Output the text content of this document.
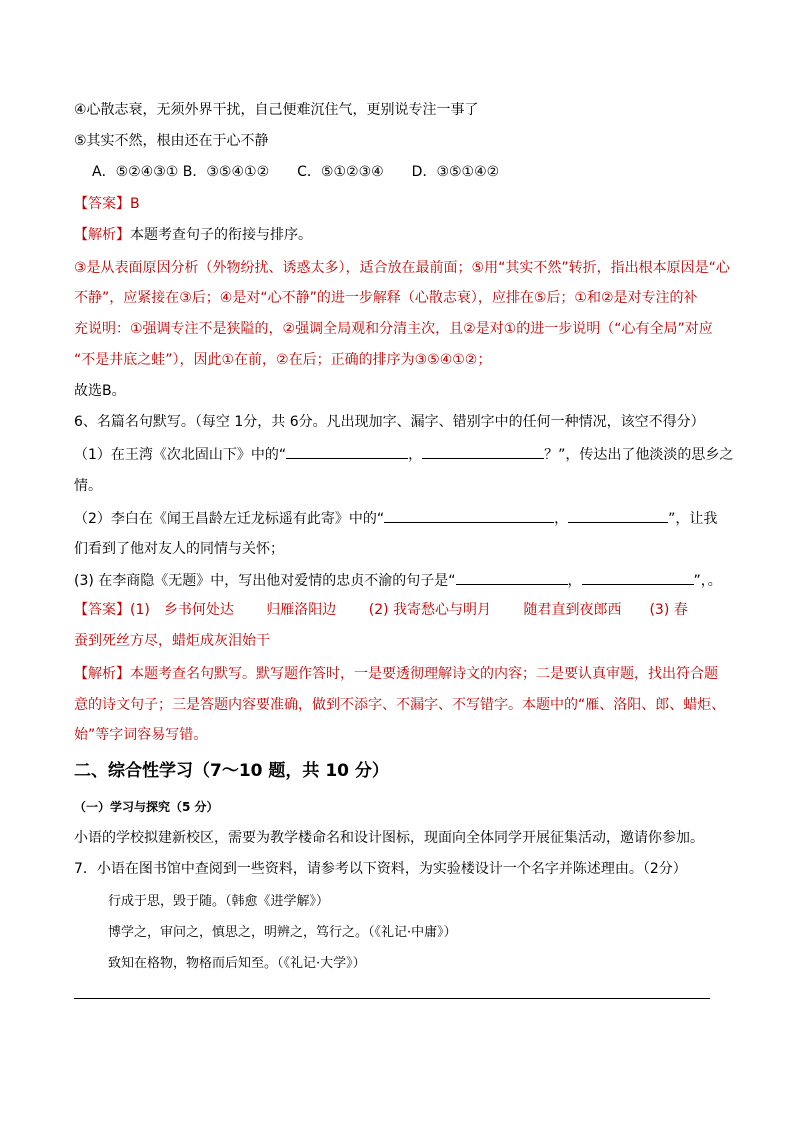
④心散志衰，无须外界干扰，自己便难沉住气，更别说专注一事了
⑤其实不然，根由还在于心不静
A．⑤②④③① B．③⑤④①②　　C．⑤①②③④　　D．③⑤①④②
【答案】B
【解析】本题考查句子的衔接与排序。
③是从表面原因分析（外物纷扰、诱惑太多），适合放在最前面；⑤用“其实不然”转折，指出根本原因是“心
不静”，应紧接在③后；④是对“心不静”的进一步解释（心散志衰），应排在⑤后；①和②是对专注的补
充说明：①强调专注不是狭隘的，②强调全局观和分清主次，且②是对①的进一步说明（“心有全局”对应
“不是井底之蛙”），因此①在前，②在后；正确的排序为③⑤④①②；
故选B。
6、名篇名句默写。（每空 1分，共 6分。凡出现加字、漏字、错别字中的任何一种情况，该空不得分）
（1）在王湾《次北固山下》中的“	，	？”，传达出了他淡淡的思乡之
情。
（2）李白在《闻王昌龄左迁龙标遥有此寄》中的“	，	”，让我
们看到了他对友人的同情与关怀；
(3) 在李商隐《无题》中，写出他对爱情的忠贞不渝的句子是“	，	”，。
【答案】(1)　乡书何处达　　 归雁洛阳边　　 (2) 我寄愁心与明月　　 随君直到夜郎西　　(3) 春
蚕到死丝方尽，蜡炬成灰泪始干
【解析】本题考查名句默写。默写题作答时，一是要透彻理解诗文的内容；二是要认真审题，找出符合题
意的诗文句子；三是答题内容要准确，做到不添字、不漏字、不写错字。本题中的“雁、洛阳、郎、蜡炬、
始”等字词容易写错。
二、综合性学习（7～10 题，共 10 分）
（一）学习与探究（5 分）
小语的学校拟建新校区，需要为教学楼命名和设计图标，现面向全体同学开展征集活动，邀请你参加。
7．小语在图书馆中查阅到一些资料，请参考以下资料，为实验楼设计一个名字并陈述理由。（2分）
行成于思，毁于随。（韩愈《进学解》）
博学之，审问之，慎思之，明辨之，笃行之。（《礼记·中庸》）
致知在格物，物格而后知至。（《礼记·大学》）
